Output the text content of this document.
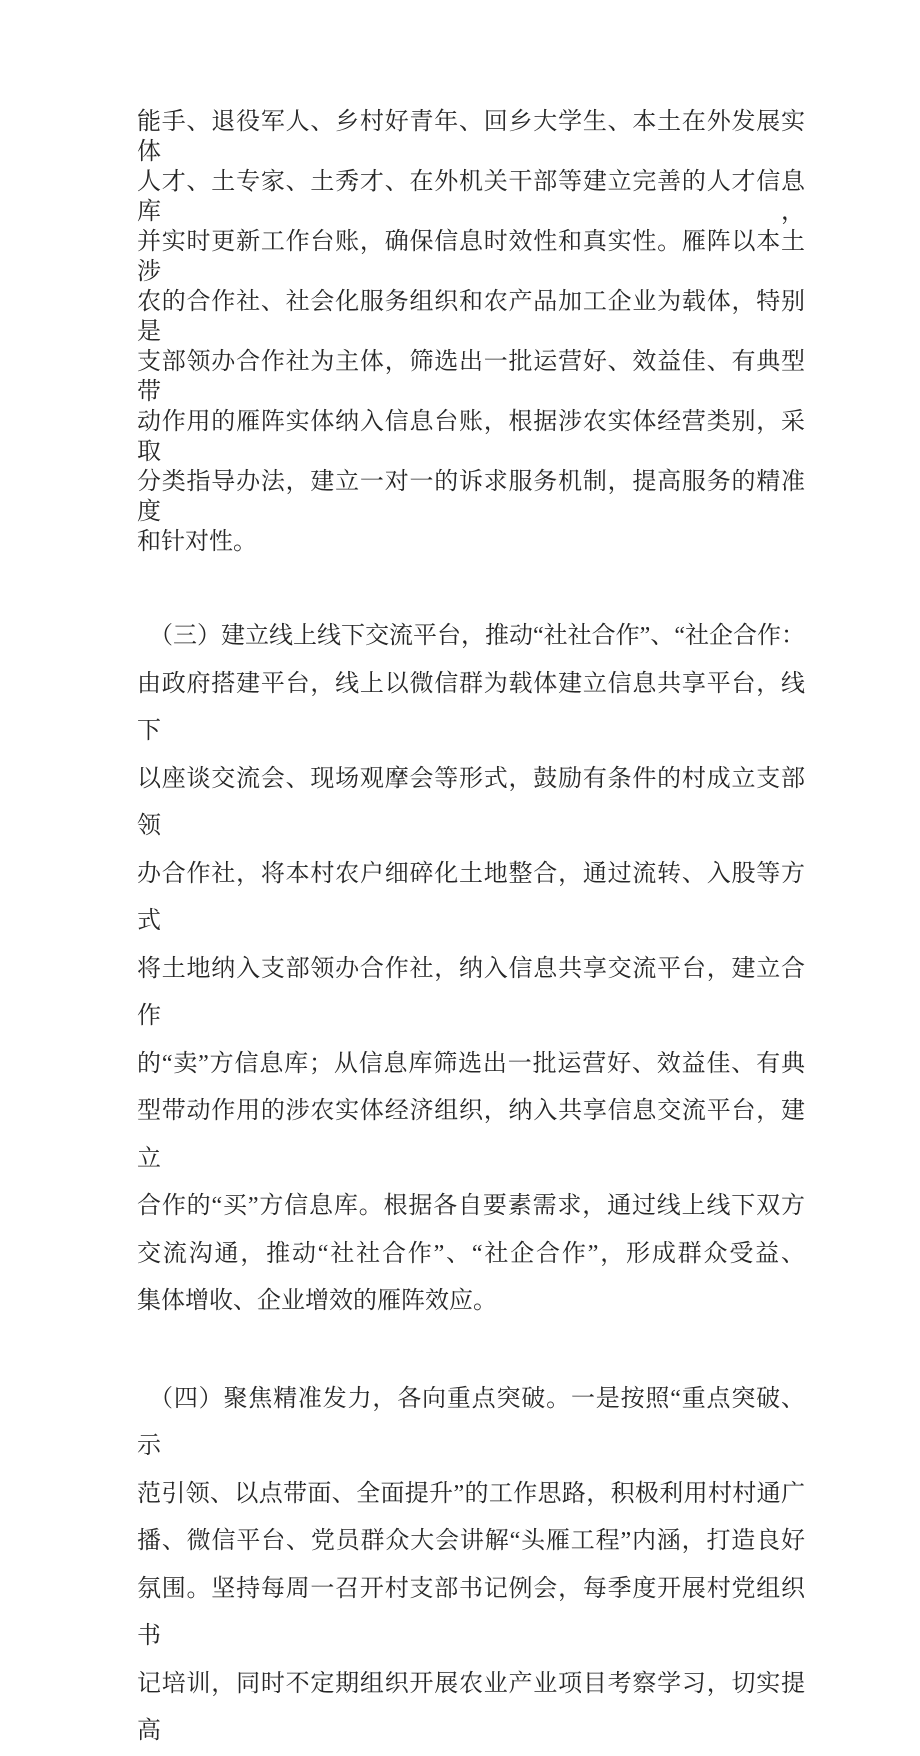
能手、退役军人、乡村好青年、回乡大学生、本土在外发展实体
人才、土专家、土秀才、在外机关干部等建立完善的人才信息库，
并实时更新工作台账，确保信息时效性和真实性。雁阵以本土涉
农的合作社、社会化服务组织和农产品加工企业为载体，特别是
支部领办合作社为主体，筛选出一批运营好、效益佳、有典型带
动作用的雁阵实体纳入信息台账，根据涉农实体经营类别，采取
分类指导办法，建立一对一的诉求服务机制，提高服务的精准度
和针对性。
（三）建立线上线下交流平台，推动“社社合作”、“社企合作：
由政府搭建平台，线上以微信群为载体建立信息共享平台，线下
以座谈交流会、现场观摩会等形式，鼓励有条件的村成立支部领
办合作社，将本村农户细碎化土地整合，通过流转、入股等方式
将土地纳入支部领办合作社，纳入信息共享交流平台，建立合作
的“卖”方信息库；从信息库筛选出一批运营好、效益佳、有典
型带动作用的涉农实体经济组织，纳入共享信息交流平台，建立
合作的“买”方信息库。根据各自要素需求，通过线上线下双方
交流沟通，推动“社社合作”、“社企合作”，形成群众受益、
集体增收、企业增效的雁阵效应。
（四）聚焦精准发力，各向重点突破。一是按照“重点突破、示
范引领、以点带面、全面提升”的工作思路，积极利用村村通广
播、微信平台、党员群众大会讲解“头雁工程”内涵，打造良好
氛围。坚持每周一召开村支部书记例会，每季度开展村党组织书
记培训，同时不定期组织开展农业产业项目考察学习，切实提高
